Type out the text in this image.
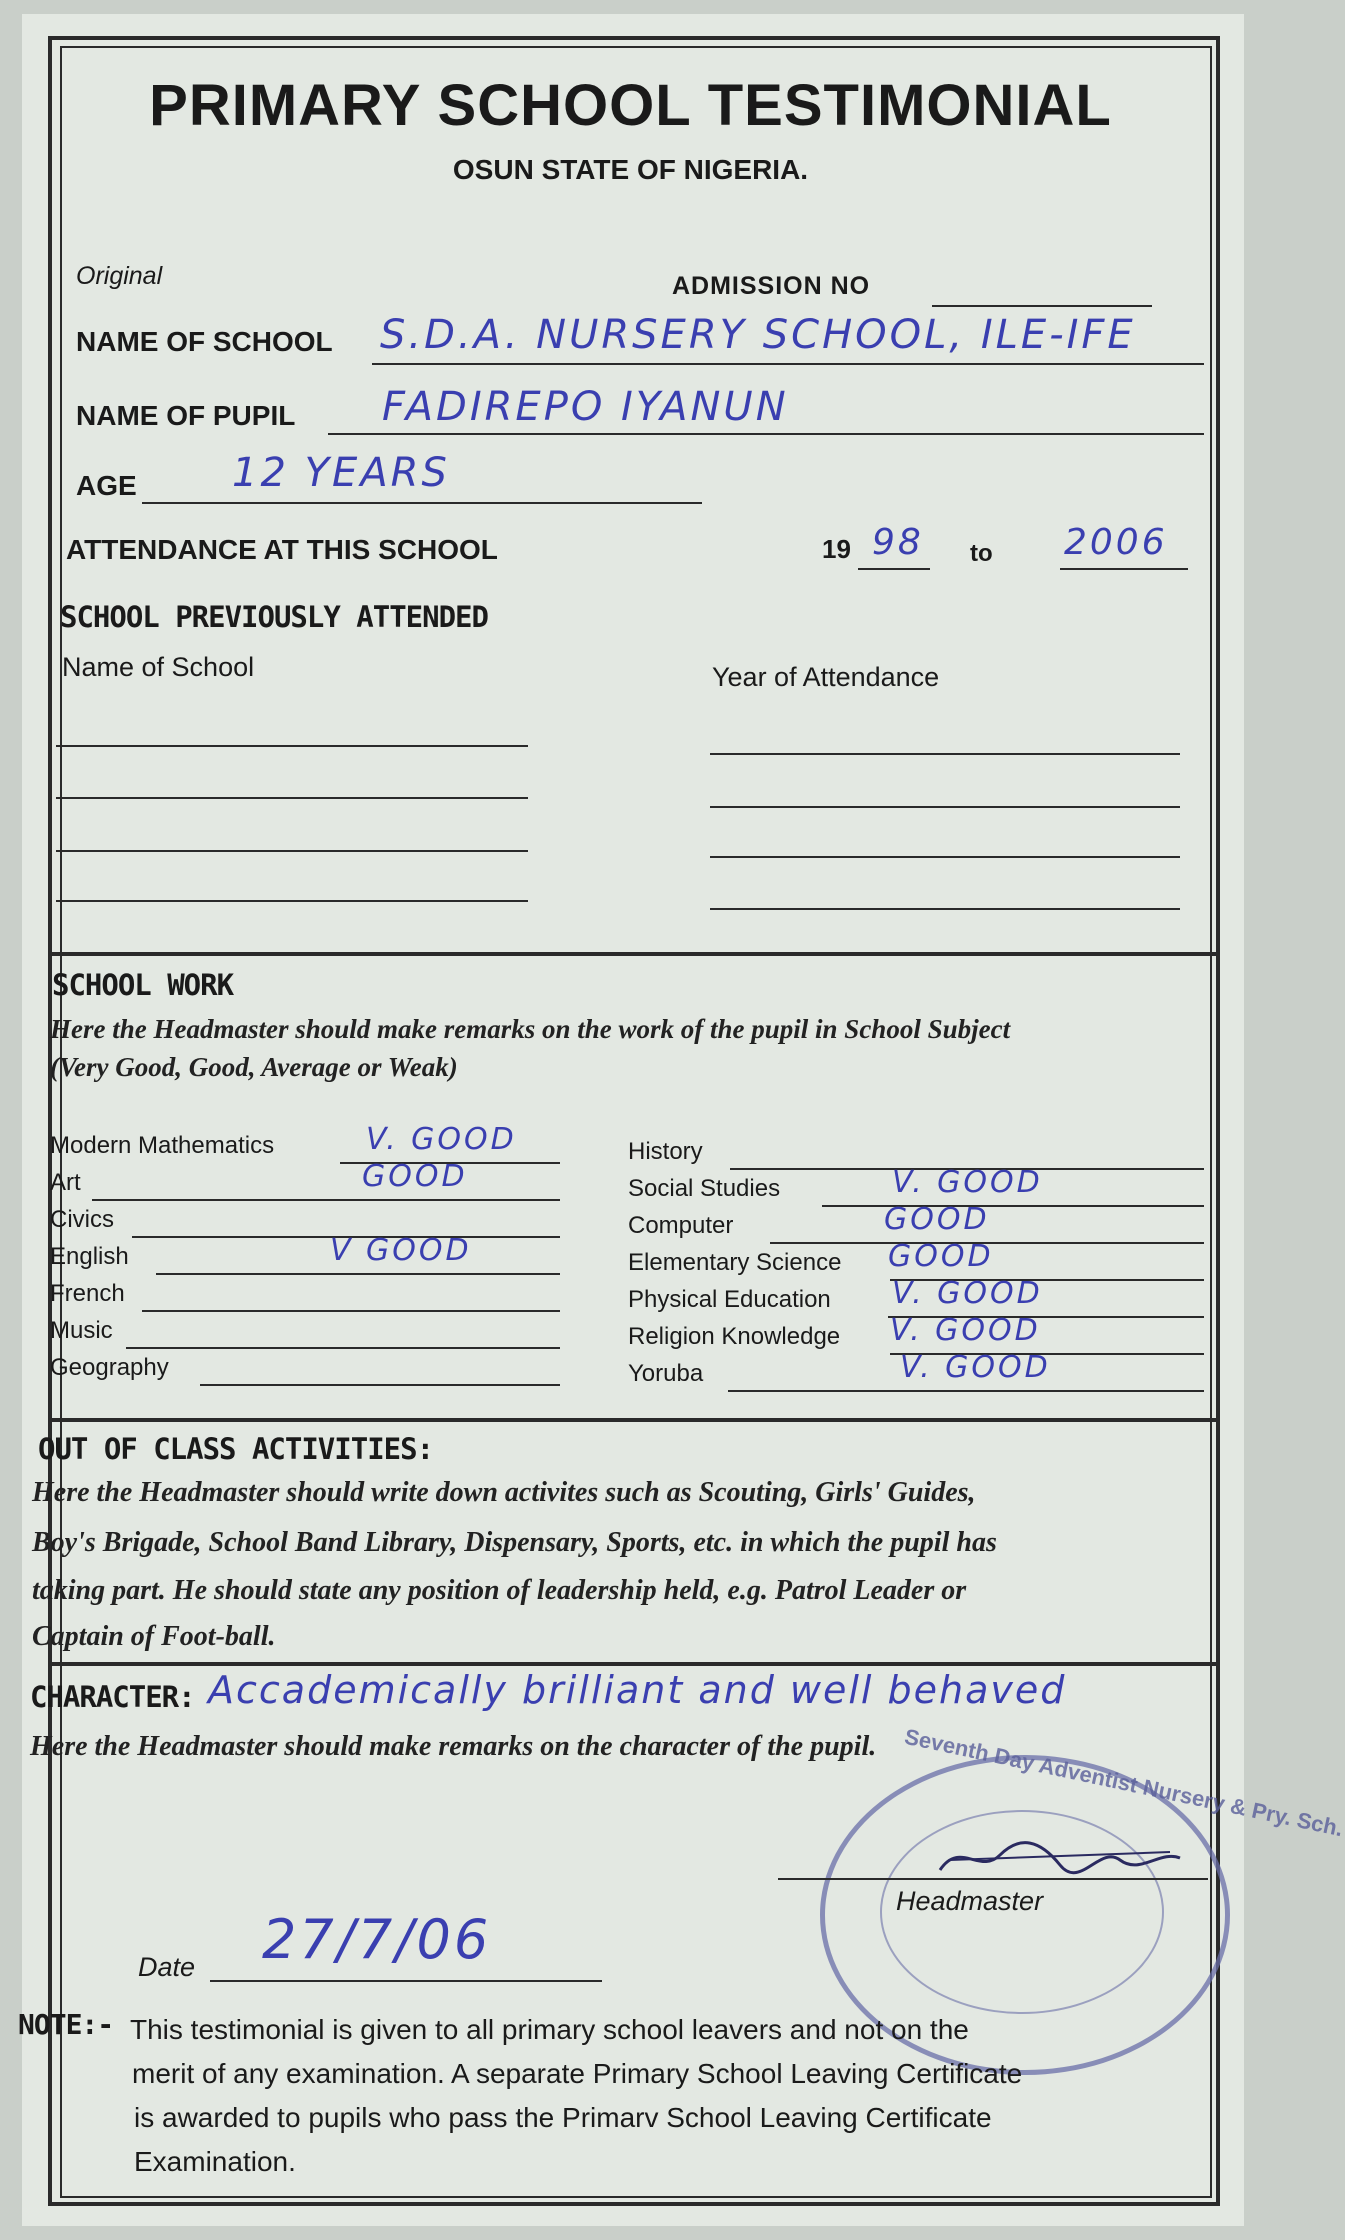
PRIMARY SCHOOL TESTIMONIAL
OSUN STATE OF NIGERIA.
Original	ADMISSION NO
NAME OF SCHOOL S.D.A. NURSERY SCHOOL, ILE-IFE
NAME OF PUPIL FADIREPO IYANUN
AGE 12 YEARS
ATTENDANCE AT THIS SCHOOL	19 98 to 2006
SCHOOL PREVIOUSLY ATTENDED
Name of School	Year of Attendance
SCHOOL WORK
Here the Headmaster should make remarks on the work of the pupil in School Subject
(Very Good, Good, Average or Weak)
Modern Mathematics	V. GOOD
Art	GOOD
Civics
English	V GOOD
French
Music
Geography
History
Social Studies	V. GOOD
Computer	GOOD
Elementary Science GOOD
Physical Education V. GOOD
Religion Knowledge V. GOOD
Yoruba	V. GOOD
OUT OF CLASS ACTIVITIES:
Here the Headmaster should write down activites such as Scouting, Girls' Guides,
Boy's Brigade, School Band Library, Dispensary, Sports, etc. in which the pupil has
taking part. He should state any position of leadership held, e.g. Patrol Leader or
Captain of Foot-ball.
CHARACTER: Accademically brilliant and well behaved
Here the Headmaster should make remarks on the character of the pupil. Seventh Day Adventist Nursery & Pry. Sch.
Headmaster
Date 27/7/06
NOTE:- This testimonial is given to all primary school leavers and not on the
merit of any examination. A separate Primary School Leaving Certificate
is awarded to pupils who pass the Primarv School Leaving Certificate
Examination.
